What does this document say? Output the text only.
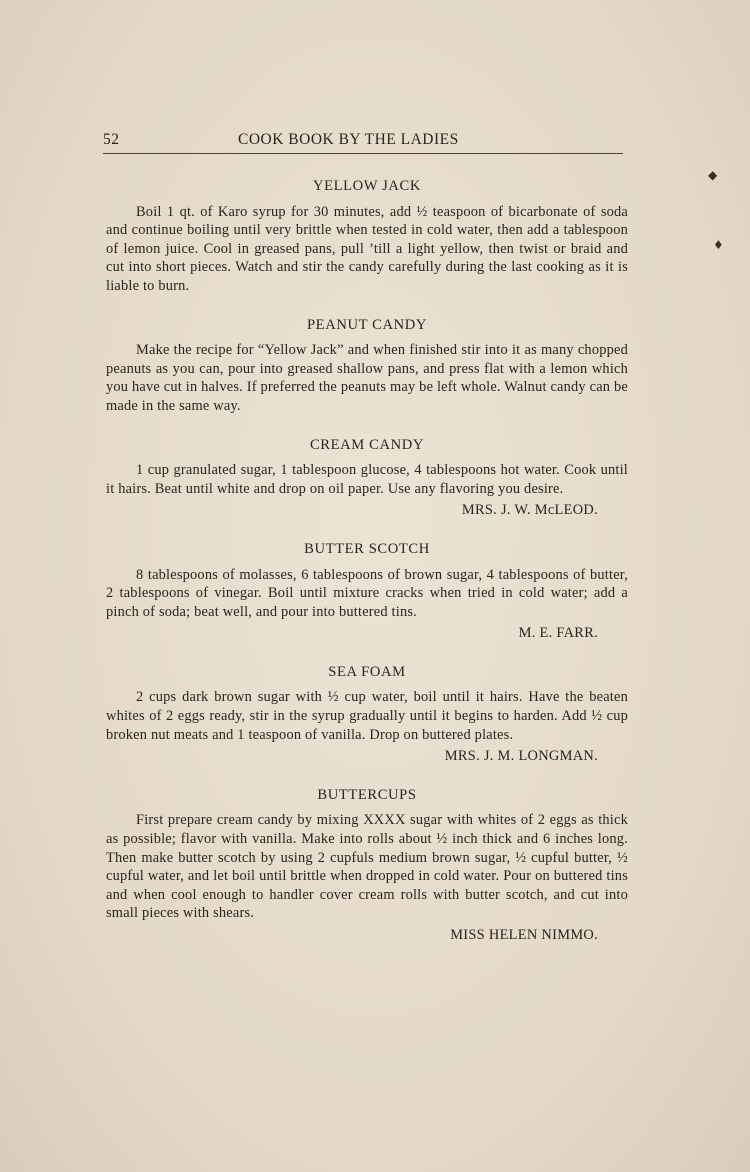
52	COOK BOOK BY THE LADIES
◆
♦
YELLOW JACK

Boil 1 qt. of Karo syrup for 30 minutes, add ½ teaspoon of bicarbonate of soda and continue boiling until very brittle when tested in cold water, then add a tablespoon of lemon juice. Cool in greased pans, pull ’till a light yellow, then twist or braid and cut into short pieces. Watch and stir the candy carefully during the last cooking as it is liable to burn.

PEANUT CANDY

Make the recipe for “Yellow Jack” and when finished stir into it as many chopped peanuts as you can, pour into greased shallow pans, and press flat with a lemon which you have cut in halves. If preferred the peanuts may be left whole. Walnut candy can be made in the same way.

CREAM CANDY

1 cup granulated sugar, 1 tablespoon glucose, 4 tablespoons hot water. Cook until it hairs. Beat until white and drop on oil paper. Use any flavoring you desire.

MRS. J. W. McLEOD.
BUTTER SCOTCH

8 tablespoons of molasses, 6 tablespoons of brown sugar, 4 tablespoons of butter, 2 tablespoons of vinegar. Boil until mixture cracks when tried in cold water; add a pinch of soda; beat well, and pour into buttered tins.

M. E. FARR.
SEA FOAM

2 cups dark brown sugar with ½ cup water, boil until it hairs. Have the beaten whites of 2 eggs ready, stir in the syrup gradually until it begins to harden. Add ½ cup broken nut meats and 1 teaspoon of vanilla. Drop on buttered plates.

MRS. J. M. LONGMAN.
BUTTERCUPS

First prepare cream candy by mixing XXXX sugar with whites of 2 eggs as thick as possible; flavor with vanilla. Make into rolls about ½ inch thick and 6 inches long. Then make butter scotch by using 2 cupfuls medium brown sugar, ½ cupful butter, ½ cupful water, and let boil until brittle when dropped in cold water. Pour on buttered tins and when cool enough to handler cover cream rolls with butter scotch, and cut into small pieces with shears.

MISS HELEN NIMMO.
